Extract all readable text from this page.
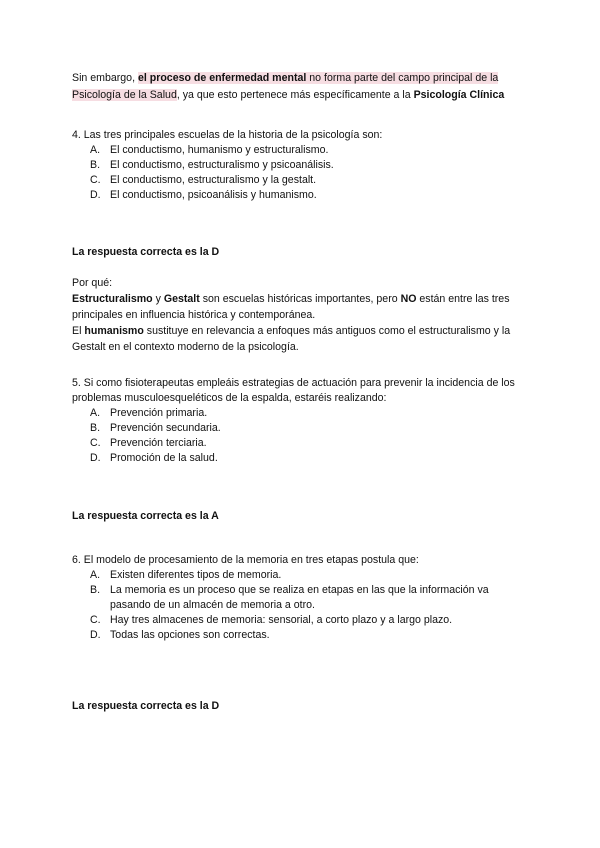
Sin embargo, el proceso de enfermedad mental no forma parte del campo principal de la
Psicología de la Salud, ya que esto pertenece más específicamente a la Psicología Clínica

4. Las tres principales escuelas de la historia de la psicología son:
A. El conductismo, humanismo y estructuralismo.
B. El conductismo, estructuralismo y psicoanálisis.
C. El conductismo, estructuralismo y la gestalt.
D. El conductismo, psicoanálisis y humanismo.

La respuesta correcta es la D

Por qué:
Estructuralismo y Gestalt son escuelas históricas importantes, pero NO están entre las tres principales en influencia histórica y contemporánea.
El humanismo sustituye en relevancia a enfoques más antiguos como el estructuralismo y la Gestalt en el contexto moderno de la psicología.
5. Si como fisioterapeutas empleáis estrategias de actuación para prevenir la incidencia de los problemas musculoesqueléticos de la espalda, estaréis realizando:
A. Prevención primaria.
B. Prevención secundaria.
C. Prevención terciaria.
D. Promoción de la salud.

La respuesta correcta es la A

6. El modelo de procesamiento de la memoria en tres etapas postula que:
A. Existen diferentes tipos de memoria.
B. La memoria es un proceso que se realiza en etapas en las que la información va pasando de un almacén de memoria a otro.
C. Hay tres almacenes de memoria: sensorial, a corto plazo y a largo plazo.
D. Todas las opciones son correctas.

La respuesta correcta es la D
